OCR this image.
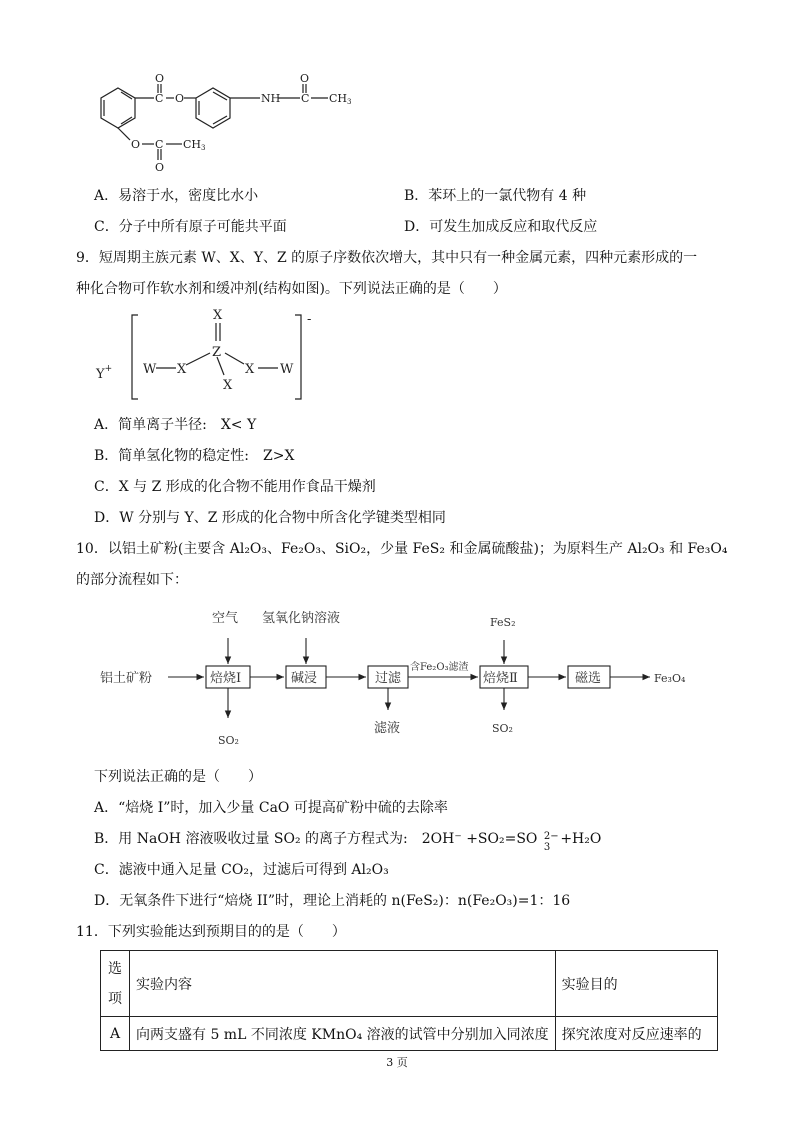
O
C O	NH
O
C CH3
O C CH3
O
A．易溶于水，密度比水小	B．苯环上的一氯代物有 4 种
C．分子中所有原子可能共平面	D．可发生加成反应和取代反应
9．短周期主族元素 W、X、Y、Z 的原子序数依次增大，其中只有一种金属元素，四种元素形成的一
种化合物可作软水剂和缓冲剂(结构如图)。下列说法正确的是（　　）
Y+ W X
X
Z
X
X W
-
A．简单离子半径:　X< Y
B．简单氢化物的稳定性:　Z>X
C．X 与 Z 形成的化合物不能用作食品干燥剂
D．W 分别与 Y、Z 形成的化合物中所含化学键类型相同
10．以铝土矿粉(主要含 Al₂O₃、Fe₂O₃、SiO₂，少量 FeS₂ 和金属硫酸盐)；为原料生产 Al₂O₃ 和 Fe₃O₄
的部分流程如下：
铝土矿粉
空气 氢氧化钠溶液
焙烧Ⅰ	碱浸	过滤	焙烧Ⅱ	磁选
滤液
SO₂
SO₂
FeS₂
含Fe₂O₃滤渣
Fe₃O₄
下列说法正确的是（　　）
A．“焙烧 I”时，加入少量 CaO 可提高矿粉中硫的去除率
B．用 NaOH 溶液吸收过量 SO₂ 的离子方程式为:　2OH⁻ +SO₂=SO 2−
3
+H₂O
C．滤液中通入足量 CO₂，过滤后可得到 Al₂O₃
D．无氧条件下进行“焙烧 II”时，理论上消耗的 n(FeS₂)：n(Fe₂O₃)=1：16
11．下列实验能达到预期目的的是（　　）
选
项	实验内容	实验目的
A	向两支盛有 5 mL 不同浓度 KMnO₄ 溶液的试管中分别加入同浓度	探究浓度对反应速率的
3 页
